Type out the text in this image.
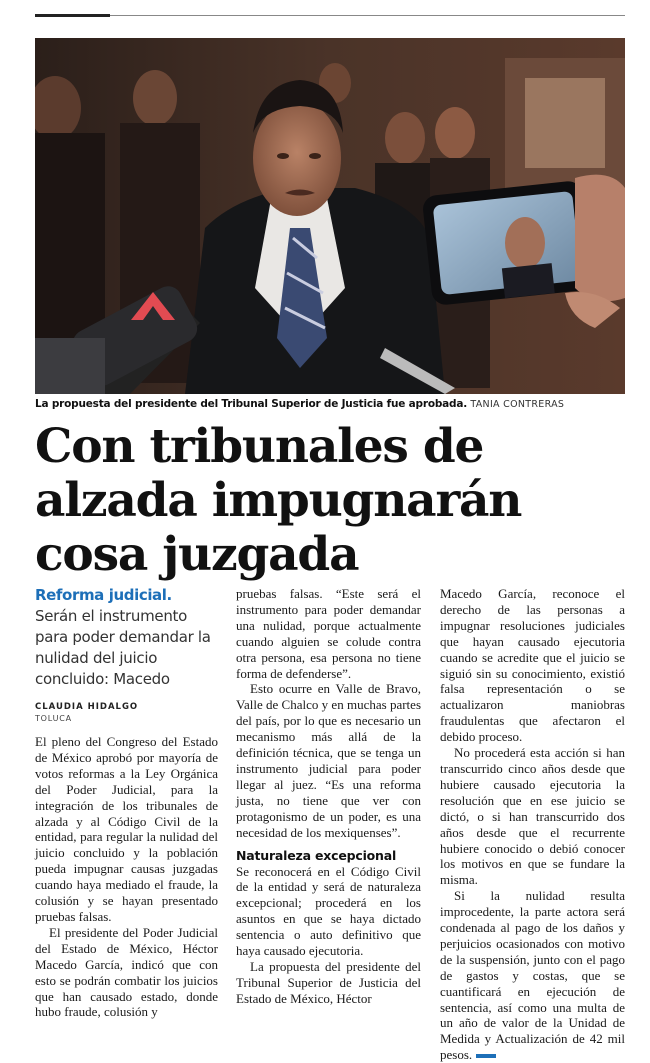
La propuesta del presidente del Tribunal Superior de Justicia fue aprobada. TANIA CONTRERAS
Con tribunales de alzada impugnarán cosa juzgada
Reforma judicial.
Serán el instrumento para poder demandar la nulidad del juicio concluido: Macedo
CLAUDIA HIDALGO
TOLUCA

El pleno del Congreso del Estado de México aprobó por mayoría de votos reformas a la Ley Orgánica del Poder Judicial, para la integración de los tribunales de alzada y al Código Civil de la entidad, para regular la nulidad del juicio concluido y la población pueda impugnar causas juzgadas cuando haya mediado el fraude, la colusión y se hayan presentado pruebas falsas.

El presidente del Poder Judicial del Estado de México, Héctor Macedo García, indicó que con esto se podrán combatir los juicios que han causado estado, donde hubo fraude, colusión y

pruebas falsas. “Este será el instrumento para poder demandar una nulidad, porque actualmente cuando alguien se colude contra otra persona, esa persona no tiene forma de defenderse”.

Esto ocurre en Valle de Bravo, Valle de Chalco y en muchas partes del país, por lo que es necesario un mecanismo más allá de la definición técnica, que se tenga un instrumento judicial para poder llegar al juez. “Es una reforma justa, no tiene que ver con protagonismo de un poder, es una necesidad de los mexiquenses”.

Naturaleza excepcional

Se reconocerá en el Código Civil de la entidad y será de naturaleza excepcional; procederá en los asuntos en que se haya dictado sentencia o auto definitivo que haya causado ejecutoria.

La propuesta del presidente del Tribunal Superior de Justicia del Estado de México, Héctor

Macedo García, reconoce el derecho de las personas a impugnar resoluciones judiciales que hayan causado ejecutoria cuando se acredite que el juicio se siguió sin su conocimiento, existió falsa representación o se actualizaron maniobras fraudulentas que afectaron el debido proceso.

No procederá esta acción si han transcurrido cinco años desde que hubiere causado ejecutoria la resolución que en ese juicio se dictó, o si han transcurrido dos años desde que el recurrente hubiere conocido o debió conocer los motivos en que se fundare la misma.

Si la nulidad resulta improcedente, la parte actora será condenada al pago de los daños y perjuicios ocasionados con motivo de la suspensión, junto con el pago de gastos y costas, que se cuantificará en ejecución de sentencia, así como una multa de un año de valor de la Unidad de Medida y Actualización de 42 mil pesos.
